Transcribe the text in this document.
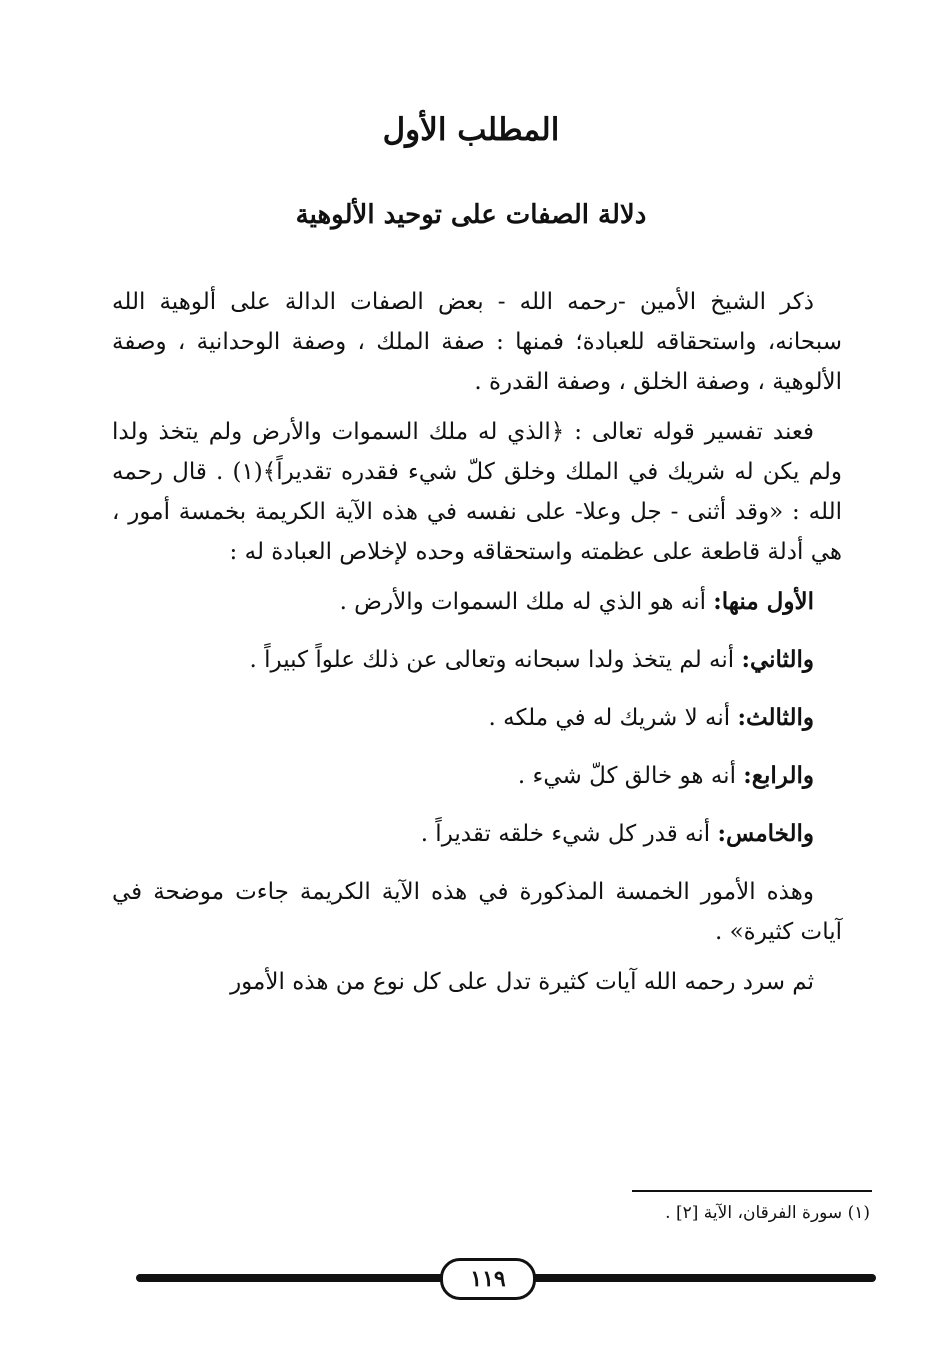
المطلب الأول
دلالة الصفات على توحيد الألوهية

ذكر الشيخ الأمين -رحمه الله - بعض الصفات الدالة على ألوهية الله سبحانه، واستحقاقه للعبادة؛ فمنها : صفة الملك ، وصفة الوحدانية ، وصفة الألوهية ، وصفة الخلق ، وصفة القدرة .

فعند تفسير قوله تعالى : ﴿الذي له ملك السموات والأرض ولم يتخذ ولدا ولم يكن له شريك في الملك وخلق كلّ شيء فقدره تقديراً﴾(١) . قال رحمه الله : «وقد أثنى - جل وعلا- على نفسه في هذه الآية الكريمة بخمسة أمور ، هي أدلة قاطعة على عظمته واستحقاقه وحده لإخلاص العبادة له :

الأول منها: أنه هو الذي له ملك السموات والأرض .

والثاني: أنه لم يتخذ ولدا سبحانه وتعالى عن ذلك علواً كبيراً .

والثالث: أنه لا شريك له في ملكه .

والرابع: أنه هو خالق كلّ شيء .

والخامس: أنه قدر كل شيء خلقه تقديراً .

وهذه الأمور الخمسة المذكورة في هذه الآية الكريمة جاءت موضحة في آيات كثيرة» .

ثم سرد رحمه الله آيات كثيرة تدل على كل نوع من هذه الأمور

(١) سورة الفرقان، الآية [٢] .

١١٩
